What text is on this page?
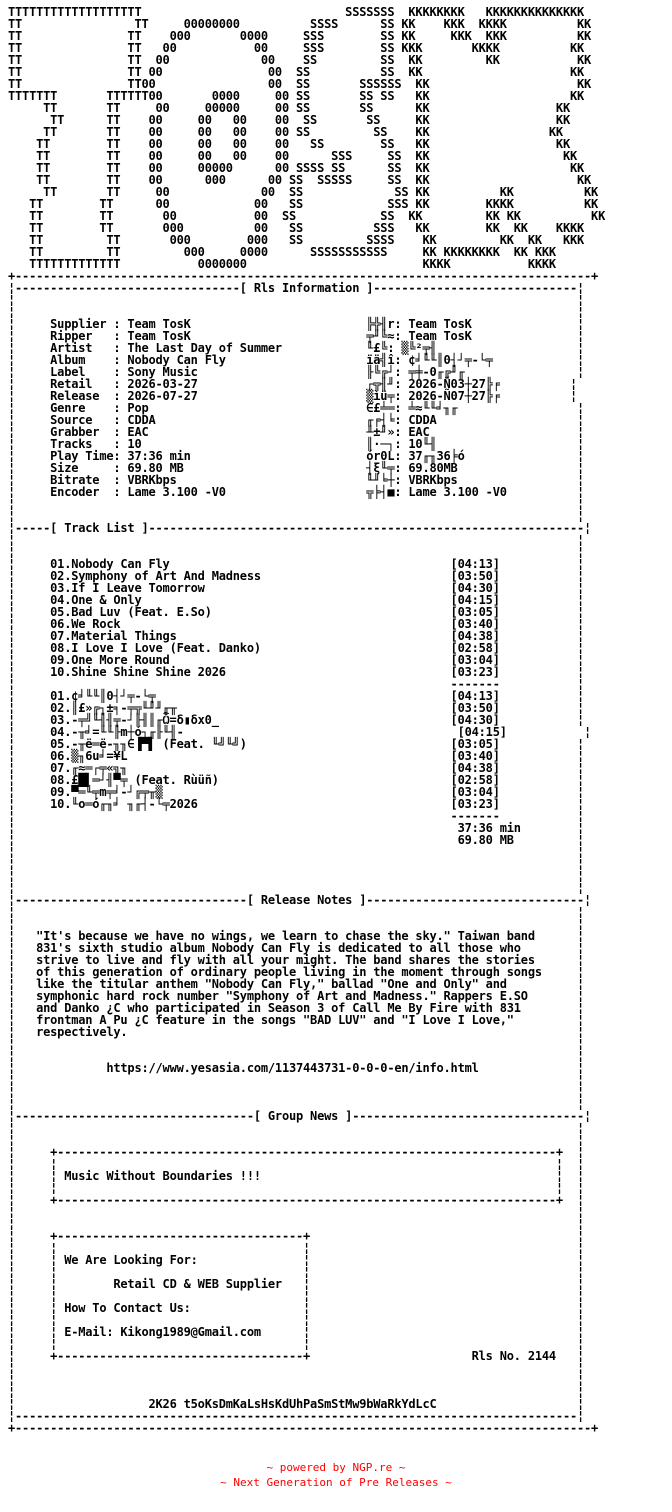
TTTTTTTTTTTTTTTTTTT                             SSSSSSS  KKKKKKKK   KKKKKKKKKKKKKK
TT                TT     00000000          SSSS      SS KK    KKK  KKKK          KK
TT               TT    000       0000     SSS        SS KK     KKK  KKK          KK
TT               TT   00           00     SSS        SS KKK       KKKK          KK
TT               TT  00             00    SS         SS  KK         KK           KK
TT               TT 00               00  SS          SS  KK                     KK
TT               TT00                00  SS       SSSSSS  KK                     KK
TTTTTTT       TTTTTT00       0000     00 SS       SS SS   KK                    KK
TT       TT     00     00000     00 SS       SS      KK                  KK
TT      TT    00     00   00    00  SS       SS     KK                  KK
TT       TT    00     00   00    00 SS         SS    KK                 KK
TT        TT    00     00   00    00   SS        SS   KK                  KK
TT        TT    00     00   00    00      SSS     SS  KK                   KK
TT        TT    00     00000      00 SSSS SS      SS  KK                    KK
TT        TT    00      000      00 SS  SSSSS     SS  KK                     KK
TT       TT     00             00  SS             SS KK          KK          KK
TT        TT      00            00   SS            SSS KK        KKKK          KK
TT        TT       00           00  SS            SS  KK         KK KK          KK
TT        TT       000          00   SS          SSS   KK        KK  KK    KKKK
TT         TT       000        000   SS         SSSS    KK         KK  KK   KKK
TT         TT         000     0000      SSSSSSSSSSS     KK KKKKKKKK  KK KKK
TTTTTTTTTTTTT           0000000                         KKKK           KKKK
+----------------------------------------------------------------------------------+
¦--------------------------------[ Rls Information ]-----------------------------¦
¦                                                                                ¦
¦                                                                                ¦
¦     Supplier : Team TosK                         ╠╬╢r: Team TosK               ¦
¦     Ripper   : Team TosK                         ╤╜╚≈: Team TosK               ¦
¦     Artist   : The Last Day of Summer            ╙£╚: ▒╚²╤╢                    ¦
¦     Album    : Nobody Can Fly                    ïä╣î: ¢╛╙╙║0┤┘╤-└╤            ¦
¦     Label    : Sony Music                        ╟╚╔┘: ╤╪-0╓╔╜╓                ¦
¦     Retail   : 2026-03-27                        ┌╦╢╜: 2026-Ñ03┼27╠╒          ¦
¦     Release  : 2026-07-27                        ▒ìü╤: 2026-Ñ07┼27╠╒          ¦
¦     Genre    : Pop                               ∈£╧═: ╧≈╙╙╛╖╓                 ¦
¦     Source   : CDDA                              ╓╒┤╘: CDDA                    ¦
¦     Grabber  : EAC                               ╨±╜»: EAC                     ¦
¦     Tracks   : 10                                ║·─┐: 10╙╢                    ¦
¦     Play Time: 37:36 min                         ór0L: 37╓╖36╞ó                ¦
¦     Size     : 69.80 MB                          ┤ξ╙╤: 69.80MB                 ¦
¦     Bitrate  : VBRKbps                           ╙╜╘┼: VBRKbps                 ¦
¦     Encoder  : Lame 3.100 -V0                    ╦╞┤■: Lame 3.100 -V0          ¦
¦                                                                                ¦
¦                                                                                ¦
¦-----[ Track List ]--------------------------------------------------------------¦
¦                                                                                ¦
¦                                                                                ¦
¦     01.Nobody Can Fly                                        [04:13]           ¦
¦     02.Symphony of Art And Madness                           [03:50]           ¦
¦     03.If I Leave Tomorrow                                   [04:30]           ¦
¦     04.One & Only                                            [04:15]           ¦
¦     05.Bad Luv (Feat. E.So)                                  [03:05]           ¦
¦     06.We Rock                                               [03:40]           ¦
¦     07.Material Things                                       [04:38]           ¦
¦     08.I Love I Love (Feat. Danko)                           [02:58]           ¦
¦     09.One More Round                                        [03:04]           ¦
¦     10.Shine Shine Shine 2026                                [03:23]           ¦
¦                                                              -------           ¦
¦     01.¢╛╙╙║0┤┘╤-└╤                                          [04:13]           ¦
¦     02.║£»╔┐±╕-╤╦╙╜╜╓╥                                       [03:50]           ¦
¦     03.-╤╝╙╢╢╤-┘╟╢║╓Ѽ=δ▮δx0_                                 [04:30]           ¦
¦     04.-╥╛=╙╙╟m┼ó┐╓╟╙╢-                                       [04:15]           ¦
¦     05.-╥ë═ë-╖╖∈▐▀▌ (Feat. ╙╝╙╝)                             [03:05]           ¦
¦     06.▒╖6u╛=¥L                                              [03:40]           ¦
¦     07.╓≈═┌╤«╗╖                                              [04:38]           ¦
¦     08.£█▌═┘╢▀╤ (Feat. Rùüñ)                                 [02:58]           ¦
¦     09.▀═╙╤m╤╛-┘╔╤╥▒                                         [03:04]           ¦
¦     10.╙o═ó╓╖╛ ╖╓┤-└╤2026                                    [03:23]           ¦
¦                                                              -------           ¦
¦                                                               37:36 min        ¦
¦                                                               69.80 MB         ¦
¦                                                                                ¦
¦                                                                                ¦
¦                                                                                ¦
¦                                                                                ¦
¦---------------------------------[ Release Notes ]-------------------------------¦
¦                                                                                ¦
¦                                                                                ¦
¦   "It's because we have no wings, we learn to chase the sky." Taiwan band      ¦
¦   831's sixth studio album Nobody Can Fly is dedicated to all those who        ¦
¦   strive to live and fly with all your might. The band shares the stories      ¦
¦   of this generation of ordinary people living in the moment through songs     ¦
¦   like the titular anthem "Nobody Can Fly," ballad "One and Only" and          ¦
¦   symphonic hard rock number "Symphony of Art and Madness." Rappers E.SO       ¦
¦   and Danko ¿C who participated in Season 3 of Call Me By Fire with 831        ¦
¦   frontman A Pu ¿C feature in the songs "BAD LUV" and "I Love I Love,"         ¦
¦   respectively.                                                                ¦
¦                                                                                ¦
¦                                                                                ¦
¦             https://www.yesasia.com/1137443731-0-0-0-en/info.html              ¦
¦                                                                                ¦
¦                                                                                ¦
¦                                                                                ¦
¦----------------------------------[ Group News ]---------------------------------¦
¦                                                                                ¦
¦                                                                                ¦
¦     +-----------------------------------------------------------------------+  ¦
¦     ¦                                                                       ¦  ¦
¦     ¦ Music Without Boundaries !!!                                          ¦  ¦
¦     ¦                                                                       ¦  ¦
¦     +-----------------------------------------------------------------------+  ¦
¦                                                                                ¦
¦                                                                                ¦
¦     +-----------------------------------+                                      ¦
¦     ¦                                   ¦                                      ¦
¦     ¦ We Are Looking For:               ¦                                      ¦
¦     ¦                                   ¦                                      ¦
¦     ¦        Retail CD & WEB Supplier   ¦                                      ¦
¦     ¦                                   ¦                                      ¦
¦     ¦ How To Contact Us:                ¦                                      ¦
¦     ¦                                   ¦                                      ¦
¦     ¦ E-Mail: Kikong1989@Gmail.com      ¦                                      ¦
¦     ¦                                   ¦                                      ¦
¦     +-----------------------------------+                       Rls No. 2144   ¦
¦                                                                                ¦
¦                                                                                ¦
¦                                                                                ¦
¦                   2K26 t5oKsDmKaLsHsKdUhPaSmStMw9bWaRkYdLcC                    ¦
¦--------------------------------------------------------------------------------¦
+----------------------------------------------------------------------------------+
~ powered by NGP.re ~
~ Next Generation of Pre Releases ~
